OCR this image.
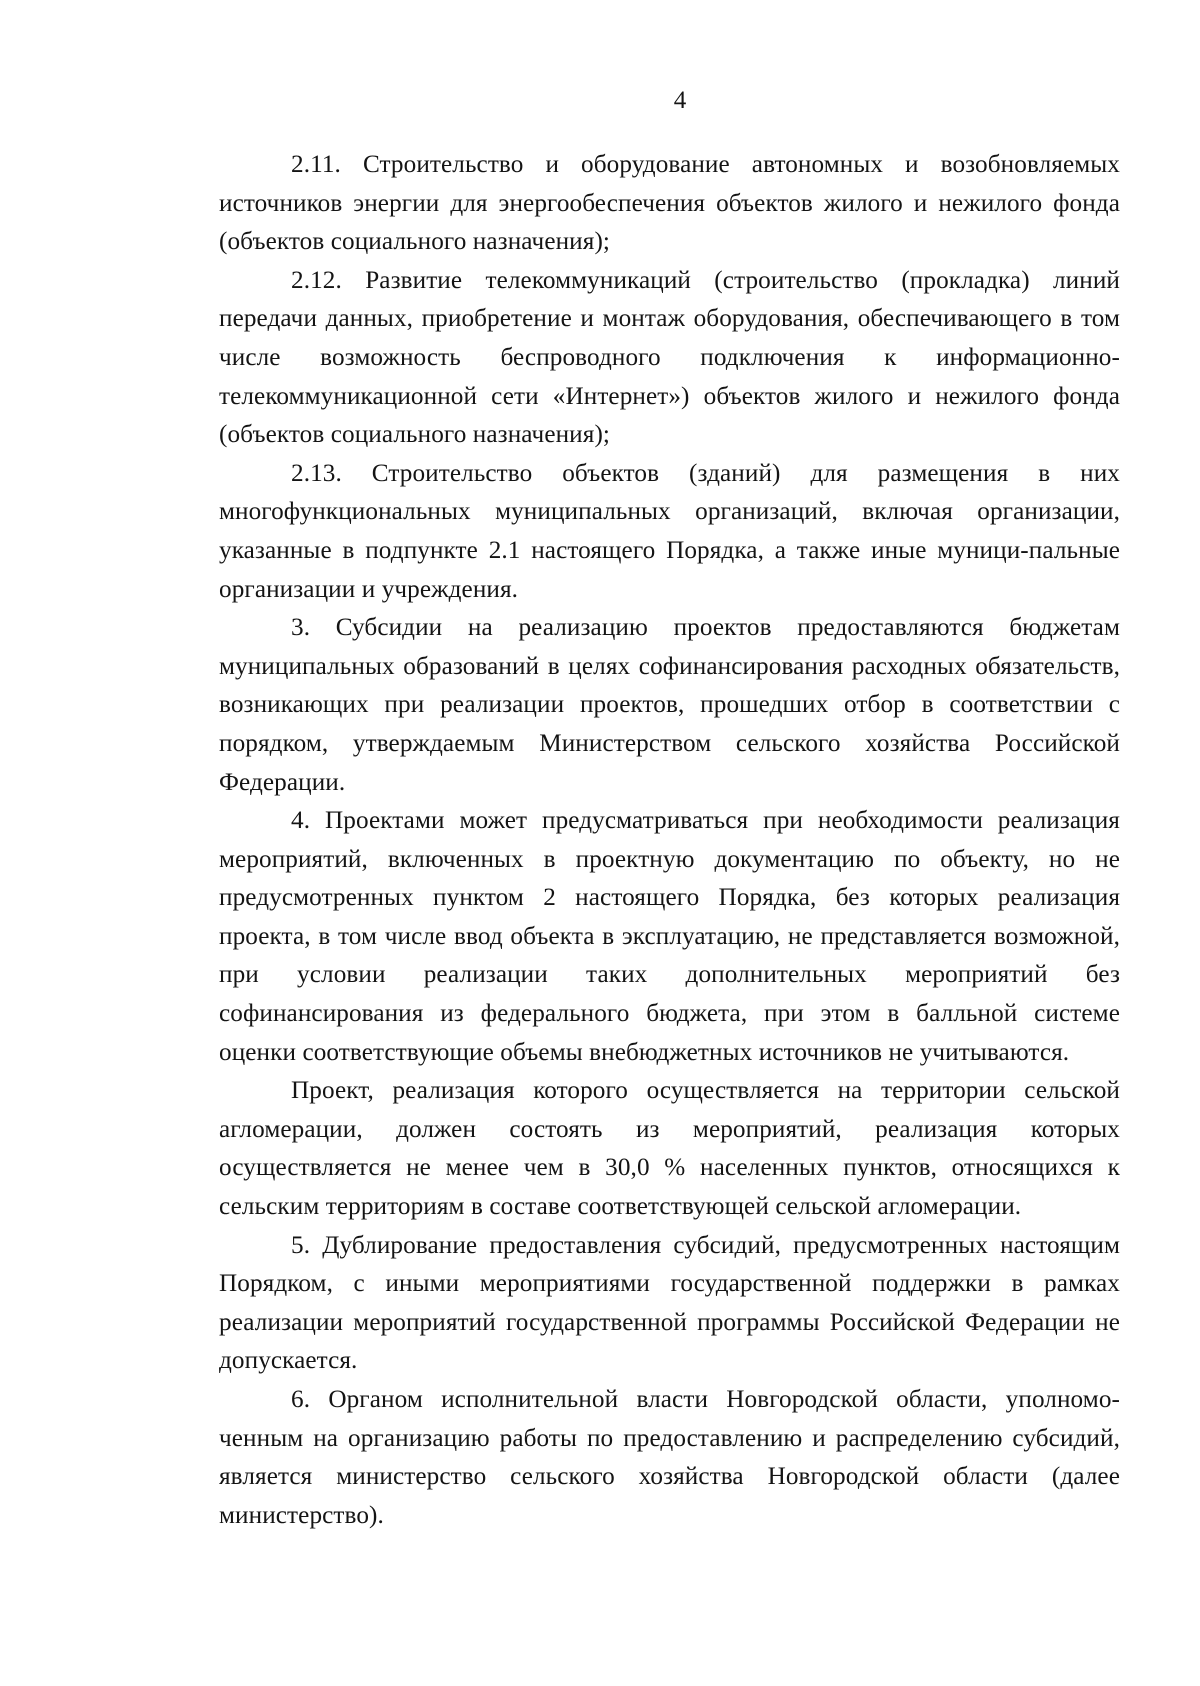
4

2.11. Строительство и оборудование автономных и возобновляемых источников энергии для энергообеспечения объектов жилого и нежилого фонда (объектов социального назначения);

2.12. Развитие телекоммуникаций (строительство (прокладка) линий передачи данных, приобретение и монтаж оборудования, обеспечивающего в том числе возможность беспроводного подключения к информационно-телекоммуникационной сети «Интернет») объектов жилого и нежилого фонда (объектов социального назначения);

2.13. Строительство объектов (зданий) для размещения в них многофункциональных муниципальных организаций, включая организации, указанные в подпункте 2.1 настоящего Порядка, а также иные муници-пальные организации и учреждения.

3. Субсидии на реализацию проектов предоставляются бюджетам муниципальных образований в целях софинансирования расходных обязательств, возникающих при реализации проектов, прошедших отбор в соответствии с порядком, утверждаемым Министерством сельского хозяйства Российской Федерации.

4. Проектами может предусматриваться при необходимости реализация мероприятий, включенных в проектную документацию по объекту, но не предусмотренных пунктом 2 настоящего Порядка, без которых реализация проекта, в том числе ввод объекта в эксплуатацию, не представляется возможной, при условии реализации таких дополнительных мероприятий без софинансирования из федерального бюджета, при этом в балльной системе оценки соответствующие объемы внебюджетных источников не учитываются.

Проект, реализация которого осуществляется на территории сельской агломерации, должен состоять из мероприятий, реализация которых осуществляется не менее чем в 30,0 % населенных пунктов, относящихся к сельским территориям в составе соответствующей сельской агломерации.

5. Дублирование предоставления субсидий, предусмотренных настоящим Порядком, с иными мероприятиями государственной поддержки в рамках реализации мероприятий государственной программы Российской Федерации не допускается.

6. Органом исполнительной власти Новгородской области, уполномо-ченным на организацию работы по предоставлению и распределению субсидий, является министерство сельского хозяйства Новгородской области (далее министерство).
